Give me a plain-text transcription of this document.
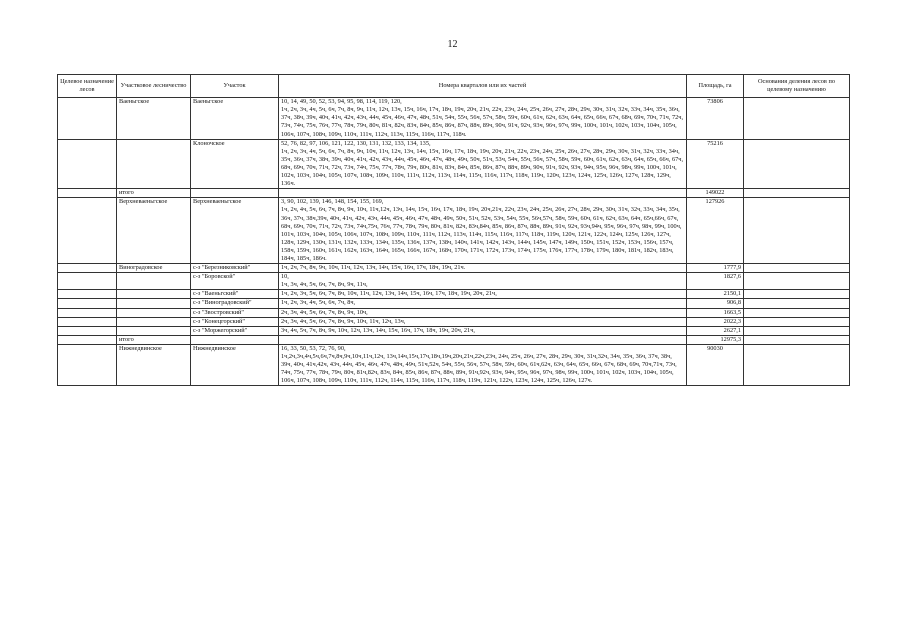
12
Целевое назначение лесов	Участковое лесничество	Участок	Номера кварталов или их частей	Площадь, га	Основания деления лесов по целевому назначению
	Ваеньгское	Ваеньгское	10, 14, 49, 50, 52, 53, 94, 95, 98, 114, 119, 120,
1ч, 2ч, 3ч, 4ч, 5ч, 6ч, 7ч, 8ч, 9ч, 11ч, 12ч, 13ч, 15ч, 16ч, 17ч, 18ч, 19ч, 20ч, 21ч, 22ч, 23ч, 24ч, 25ч, 26ч, 27ч, 28ч, 29ч, 30ч, 31ч, 32ч, 33ч, 34ч, 35ч, 36ч, 37ч, 38ч, 39ч, 40ч, 41ч, 42ч, 43ч, 44ч, 45ч, 46ч, 47ч, 48ч, 51ч, 54ч, 55ч, 56ч, 57ч, 58ч, 59ч, 60ч, 61ч, 62ч, 63ч, 64ч, 65ч, 66ч, 67ч, 68ч, 69ч, 70ч, 71ч, 72ч, 73ч, 74ч, 75ч, 76ч, 77ч, 78ч, 79ч, 80ч, 81ч, 82ч, 83ч, 84ч, 85ч, 86ч, 87ч, 88ч, 89ч, 90ч, 91ч, 92ч, 93ч, 96ч, 97ч, 99ч, 100ч, 101ч, 102ч, 103ч, 104ч, 105ч, 106ч, 107ч, 108ч, 109ч, 110ч, 111ч, 112ч, 113ч, 115ч, 116ч, 117ч, 118ч.	73806	
		Клоночское	52, 76, 82, 97, 106, 121, 122, 130, 131, 132, 133, 134, 135,
1ч, 2ч, 3ч, 4ч, 5ч, 6ч, 7ч, 8ч, 9ч, 10ч, 11ч, 12ч, 13ч, 14ч, 15ч, 16ч, 17ч, 18ч, 19ч, 20ч, 21ч, 22ч, 23ч, 24ч, 25ч, 26ч, 27ч, 28ч, 29ч, 30ч, 31ч, 32ч, 33ч, 34ч, 35ч, 36ч, 37ч, 38ч, 39ч, 40ч, 41ч, 42ч, 43ч, 44ч, 45ч, 46ч, 47ч, 48ч, 49ч, 50ч, 51ч, 53ч, 54ч, 55ч, 56ч, 57ч, 58ч, 59ч, 60ч, 61ч, 62ч, 63ч, 64ч, 65ч, 66ч, 67ч, 68ч, 69ч, 70ч, 71ч, 72ч, 73ч, 74ч, 75ч, 77ч, 78ч, 79ч, 80ч, 81ч, 83ч, 84ч, 85ч, 86ч, 87ч, 88ч, 89ч, 90ч, 91ч, 92ч, 93ч, 94ч, 95ч, 96ч, 98ч, 99ч, 100ч, 101ч, 102ч, 103ч, 104ч, 105ч, 107ч, 108ч, 109ч, 110ч, 111ч, 112ч, 113ч, 114ч, 115ч, 116ч, 117ч, 118ч, 119ч, 120ч, 123ч, 124ч, 125ч, 126ч, 127ч, 128ч, 129ч, 136ч.	75216	
	итого			149022	
	Верхневаеньгское	Верхневаеньгское	3, 90, 102, 139, 146, 148, 154, 155, 169,
1ч, 2ч, 4ч, 5ч, 6ч, 7ч, 8ч, 9ч, 10ч, 11ч,12ч, 13ч, 14ч, 15ч, 16ч, 17ч, 18ч, 19ч, 20ч,21ч, 22ч, 23ч, 24ч, 25ч, 26ч, 27ч, 28ч, 29ч, 30ч, 31ч, 32ч, 33ч, 34ч, 35ч, 36ч, 37ч, 38ч,39ч, 40ч, 41ч, 42ч, 43ч, 44ч, 45ч, 46ч, 47ч, 48ч, 49ч, 50ч, 51ч, 52ч, 53ч, 54ч, 55ч, 56ч,57ч, 58ч, 59ч, 60ч, 61ч, 62ч, 63ч, 64ч, 65ч,66ч, 67ч, 68ч, 69ч, 70ч, 71ч, 72ч, 73ч, 74ч,75ч, 76ч, 77ч, 78ч, 79ч, 80ч, 81ч, 82ч, 83ч,84ч, 85ч, 86ч, 87ч, 88ч, 89ч, 91ч, 92ч, 93ч,94ч, 95ч, 96ч, 97ч, 98ч, 99ч, 100ч, 101ч, 103ч, 104ч, 105ч, 106ч, 107ч, 108ч, 109ч, 110ч, 111ч, 112ч, 113ч, 114ч, 115ч, 116ч, 117ч, 118ч, 119ч, 120ч, 121ч, 122ч, 124ч, 125ч, 126ч, 127ч, 128ч, 129ч, 130ч, 131ч, 132ч, 133ч, 134ч, 135ч, 136ч, 137ч, 138ч, 140ч, 141ч, 142ч, 143ч, 144ч, 145ч, 147ч, 149ч, 150ч, 151ч, 152ч, 153ч, 156ч, 157ч, 158ч, 159ч, 160ч, 161ч, 162ч, 163ч, 164ч, 165ч, 166ч, 167ч, 168ч, 170ч, 171ч, 172ч, 173ч, 174ч, 175ч, 176ч, 177ч, 178ч, 179ч, 180ч, 181ч, 182ч, 183ч, 184ч, 185ч, 186ч.	127926	
	Виноградовское	с-з "Березниковский"	1ч, 2ч, 7ч, 8ч, 9ч, 10ч, 11ч, 12ч, 13ч, 14ч, 15ч, 16ч, 17ч, 18ч, 19ч, 21ч.	1777,9	
		с-з "Боровской"	10,
1ч, 3ч, 4ч, 5ч, 6ч, 7ч, 8ч, 9ч, 11ч,	1827,6	
		с-з "Ваеньгский"	1ч, 2ч, 3ч, 5ч, 6ч, 7ч, 8ч, 10ч, 11ч, 12ч, 13ч, 14ч, 15ч, 16ч, 17ч, 18ч, 19ч, 20ч, 21ч,	2150,1	
		с-з "Виноградовский"	1ч, 2ч, 3ч, 4ч, 5ч, 6ч, 7ч, 8ч,	906,8	
		с-з "Звостровский"	2ч, 3ч, 4ч, 5ч, 6ч, 7ч, 8ч, 9ч, 10ч,	1663,5	
		с-з "Конецгорский"	2ч, 3ч, 4ч, 5ч, 6ч, 7ч, 8ч, 9ч, 10ч, 11ч, 12ч, 13ч,	2022,3	
		с-з "Моржегорский"	3ч, 4ч, 5ч, 7ч, 8ч, 9ч, 10ч, 12ч, 13ч, 14ч, 15ч, 16ч, 17ч, 18ч, 19ч, 20ч, 21ч,	2627,1	
	итого			12975,3	
	Нижнедвинское	Нижнедвинское	16, 33, 50, 53, 72, 76, 90,
1ч,2ч,3ч,4ч,5ч,6ч,7ч,8ч,9ч,10ч,11ч,12ч, 13ч,14ч,15ч,17ч,18ч,19ч,20ч,21ч,22ч,23ч, 24ч, 25ч, 26ч, 27ч, 28ч, 29ч, 30ч, 31ч,32ч, 34ч, 35ч, 36ч, 37ч, 38ч, 39ч, 40ч, 41ч,42ч, 43ч, 44ч, 45ч, 46ч, 47ч, 48ч, 49ч, 51ч,52ч, 54ч, 55ч, 56ч, 57ч, 58ч, 59ч, 60ч, 61ч,62ч, 63ч, 64ч, 65ч, 66ч, 67ч, 68ч, 69ч, 70ч,71ч, 73ч, 74ч, 75ч, 77ч, 78ч, 79ч, 80ч, 81ч,82ч, 83ч, 84ч, 85ч, 86ч, 87ч, 88ч, 89ч, 91ч,92ч, 93ч, 94ч, 95ч, 96ч, 97ч, 98ч, 99ч, 100ч, 101ч, 102ч, 103ч, 104ч, 105ч, 106ч, 107ч, 108ч, 109ч, 110ч, 111ч, 112ч, 114ч, 115ч, 116ч, 117ч, 118ч, 119ч, 121ч, 122ч, 123ч, 124ч, 125ч, 126ч, 127ч.	90030	
